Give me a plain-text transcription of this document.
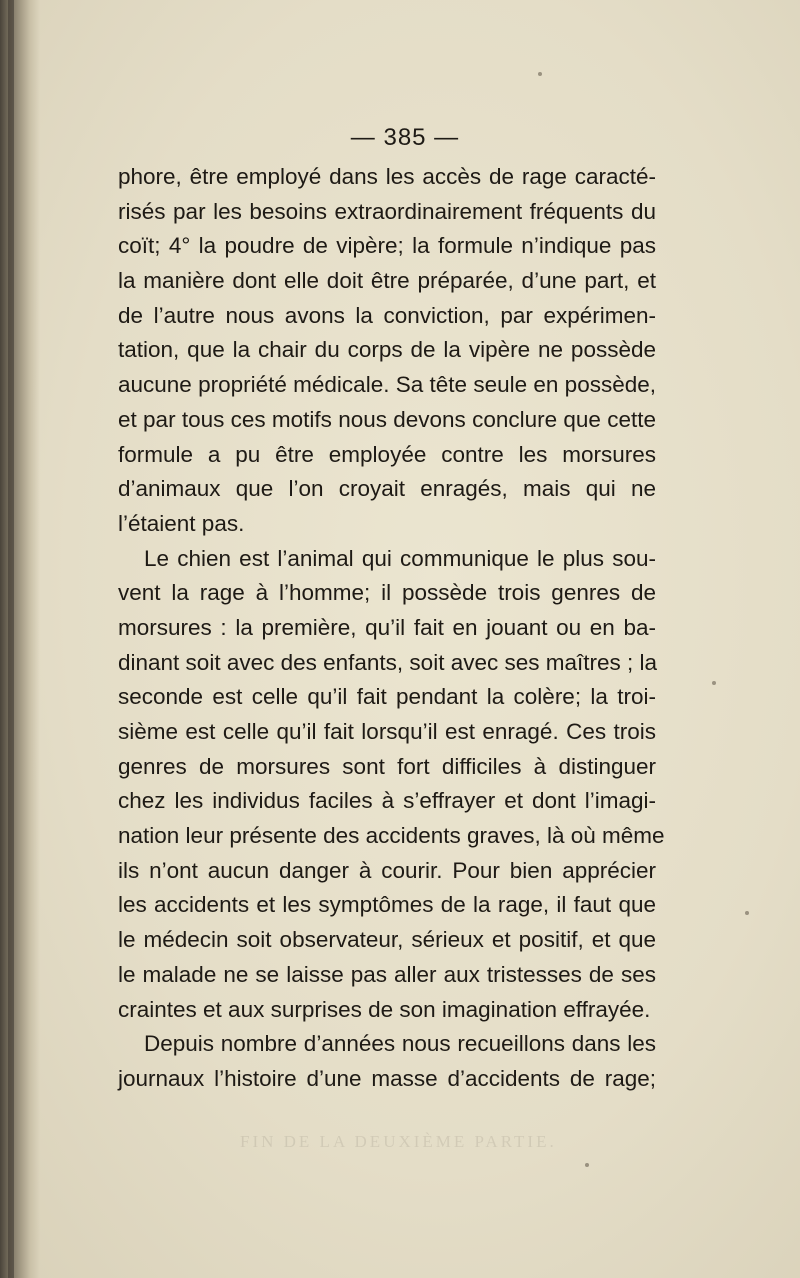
— 385 —
phore, être employé dans les accès de rage caracté-
risés par les besoins extraordinairement fréquents du
coït; 4° la poudre de vipère; la formule n’indique pas
la manière dont elle doit être préparée, d’une part, et
de l’autre nous avons la conviction, par expérimen-
tation, que la chair du corps de la vipère ne possède
aucune propriété médicale. Sa tête seule en possède,
et par tous ces motifs nous devons conclure que cette
formule a pu être employée contre les morsures
d’animaux que l’on croyait enragés, mais qui ne
l’étaient pas.
Le chien est l’animal qui communique le plus sou-
vent la rage à l’homme; il possède trois genres de
morsures : la première, qu’il fait en jouant ou en ba-
dinant soit avec des enfants, soit avec ses maîtres ; la
seconde est celle qu’il fait pendant la colère; la troi-
sième est celle qu’il fait lorsqu’il est enragé. Ces trois
genres de morsures sont fort difficiles à distinguer
chez les individus faciles à s’effrayer et dont l’imagi-
nation leur présente des accidents graves, là où même
ils n’ont aucun danger à courir. Pour bien apprécier
les accidents et les symptômes de la rage, il faut que
le médecin soit observateur, sérieux et positif, et que
le malade ne se laisse pas aller aux tristesses de ses
craintes et aux surprises de son imagination effrayée.
Depuis nombre d’années nous recueillons dans les
journaux l’histoire d’une masse d’accidents de rage;
FIN DE LA DEUXIÈME PARTIE.
